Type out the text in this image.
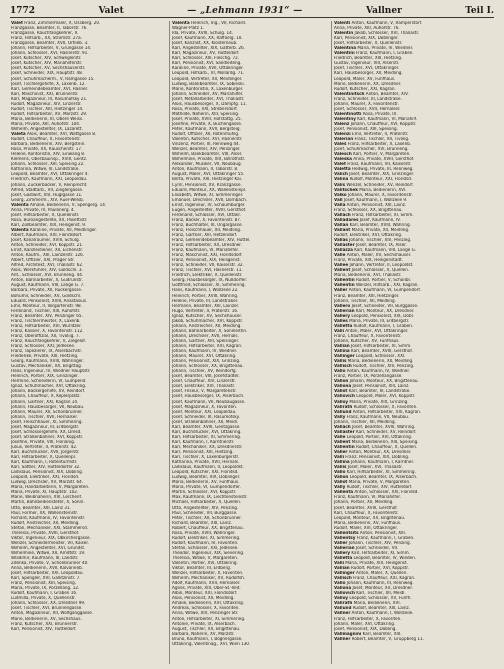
1772	Valet	— „Lehmann 1931“ —	Vallner	Teil I.

Valet Franz, Zimmermaler, X, Ossberg. 20.

Franzgasse, Beamter, II, Taborstr. 76.

Franzgasse, Rauchfangkehrer, II.

Franz, Hilfsarb., XX, Stromstr. 27a.

Franzgasse, Beamter, XVII, Ortlieb. 3.

Johann, Hilfsarbeiter, V, Grüngasse 14.

Johann, Schlosser, XVI, Hasnerstr. 91.

Josef, Kutscher, XIV, Schweglerstr.

Josef, Kutscher, XIV, Mariahilferstr.

Josef, Kutscher, XV, Sechshauserstr.

Josef, Schneider, XIX, Hauptstr. 48.

Josef, Schuhmacherm., V, Ramgasse 15.

Josef, Tischlergehilfe, X, Laxenb. 12.

Karl, Gemeindebeamter, XVI, Hasner.

Karl, Maschinist, XXI, Brünnerstr.

Karl, Magazineur, III, Rasumofsky 21.

Rudolf, Magazineur, XIV, Linzerstr.

Rudolf, Tischler, XIII, Hietzinger 14.

Rudolf, Hilfsarbeiter, XV, Märzstr. 29.

Maria, Bedienerin, III, Obere Weiss.

Maria, Private, XIII, Auhofstr. 104.

Wilhelm, Angestellter, IX, Lazarett.

Valeta Alois, Beamter, XVI, Wattgasse 8.

Rudolf, Chauffeur, X, Favoritenstr.

Barbara, Bedienerin, XIV, Bergstein.

Rosa, Private, XX, Rauscherstr. 17.

Helene, Kontoristin, XIV, Einwang 8.

Klemens, Oberbauinsp., XVIII, Gentz.

Johann, Schlosser, XIII, Speising 22.

Katharina, Witwe, III, Landstraße.

Leopold, Beamter, XVI, Ottakringer 4.

Friedrich, Kaufmann, XXI, Leopoldau.

Johann, Zuckerbäcker, V, Reinprecht.

Alfred, Stadtarb., VII, Zieglergasse.

Josef, Gastwirt, XIV, Huglgasse 11.

Georg, Zimmerm., XIV, Auer-Welsb.

Valenta Amalie, Bedienerin, V, Spengerg. 14.

Anna, Private, IV, Paulanerg. 4.

Josef, Hilfsarbeiter, X, Quellenstr.

Rosa, Büroangestellte, XX, Pasettistr.

Karl, Zollbeamter, XIX, Heiligenst. 9.

Valenta Karoline, Private, XII, Meidlinger.

Albert, Kaufmann, XXI, Floridsdorf.

Josef, Kanalräumer, XVIII, Schulg.

Anton, Schneider, XVI, Koppstr. 21.

Ernst, Kanzleidiener, XII, Eichenstr.

Anton, Kaufm., XIII, Lainzerstr. 126.

Albert, Offizier, XXI, Prager Str.

Alfred, Architekt, XVI, Thaliastr. 62.

Alois, Werkführer, XIV, Goldschl. 3.

Ant., Schlosser, XVI, Brunneng. 44.

Anton, Bahnarbeiter, X, Gudrunstr.

August, Kaufmann, VIII, Lange G. 7.

Barbara, Private, XII, Ruckergasse.

Bohumil, Schneider, XV, Goldschl.

Eduard, Pensionist, XVIII, Anastasius.

Emil, Monteur, II, Vorgartenstr. 98.

Ferdinand, Tischler, XIII, Auhofstr.

Franz, Beamter, XIV, Penzinger 65.

Franz, Tischlermeister, X, Laxenb.

Franz, Hilfsarbeiter, XVI, Wurlitzer.

Franz, Kassier, X, Favoritenstr. 112.

Franz, Oberoffizial, XII, Tivoliig. 7.

Franz, Rauchfangkehrer, V, Ziegelof.

Franz, Schlosser, XXI, Jedlesee.

Franz, Tapezierer, IX, Alserbachstr.

Friederike, Private, XIII, Hietzing.

Georg, Kaufmann, XVIII, Währinger.

Gustav, Mechaniker, XX, Brigittag.

Hans, Ingenieur, IV, Wiedner Hauptstr.

Heinrich, Portier, XIX, Grinzinger.

Hermine, Schneiderin, VI, Gumpend.

Ignaz, Schuhmacher, XVI, Ottakring.

Johann, Bäckergehilfe, XV, Reindorf.

Johann, Chauffeur, X, Keplerplatz.

Johann, Gärtner, XXI, Kagran 14.

Johann, Hausbesorger, VII, Neubau.

Johann, Maurer, XII, Schönbrunner.

Johann, Tischler, XVII, Hernalser.

Josef, Fleischhauer, XI, Simmering.

Josef, Magazineur, III, Erdbergstr.

Josef, Schlossergehilfe, XX, Dresd.

Josef, Straßenbahner, XVI, Koppstr.

Josefine, Private, VIII, Florianig.

Julius, Vertreter, II, Praterstr. 42.

Karl, Buchdrucker, XVII, Jörgerstr.

Karl, Hilfsarbeiter, X, Quellenpl.

Karl, Kaufmann, I, Rotenturmstr.

Karl, Sattler, XIV, Hütteldorfer 32.

Ladislaus, Pensionist, XIX, Döbling.

Leopold, Elektriker, XXI, Floridsd.

Ludwig, Drechsler, XV, Märzstr. 64.

Maria, Handarbeiterin, V, Margareten.

Maria, Private, XI, Hauptstr. 102.

Marie, Weißnäherin, XVI, Lerchenf.

Martin, Bahnbediensteter, X, Sonnl.

Otto, Beamter, XIII, Lainz 31.

Paul, Former, XX, Wallensteinstr.

Richard, Kaufmann, IV, Favoritenstr.

Rudolf, Anstreicher, XII, Meidling.

Stefan, Mechaniker, XXI, Stammersd.

Theresia, Private, XVIII, Gersthof.

Viktor, Ingenieur, XIX, Obkirchergasse.

Wenzel, Schneidermeister, VII, Kaiser.

Wilhelm, Angestellter, XVI, Grundst.

Wilhelmine, Witwe, XII, Arndtstr. 19.

Wladimir, Kaufmann, III, Landstr.

Zdenka, Private, V, Schönbrunner 40.

Anna, Bedienerin, XVII, Kalvarienb.

Josef, Hilfsarbeiter, XXI, Leopoldau.

Karl, Spengler, XVI, Gallitzinstr. 7.

Franz, Pensionist, XIII, Speising.

Maria, Private, IX, Porzellang. 12.

Rudolf, Kaufmann, I, Graben 16.

Ludmilla, Private, X, Quellenstr.

Johann, Schlosser, XX, Dresdner 99.

Josef, Tischler, XVI, Brunnengasse.

Anton, Magazineur, XII, Wolfganggasse.

Marie, Bedienerin, XV, Sechshaus.

Franz, Kutscher, XXI, Brünnerstr.

Karl, Pensionist, XIV, Hütteldorf.

Valenta Heinrich, Ing., VII, Richard.

Wagner-Platz 1.

Ida, Private, XVIII, Schulg. 14.

Josef, Kaufmann, XX, Raffaelg. 10.

Josef, Kanzlist, XX, Klosterneub.

Karl, Angestellter, XIX, Gatterb. 26.

Karl, Magazineur, XV, Hütteldorf.

Karl, Schlosser, XIII, Fleschg. 72.

Karl, Pensionist, XVI, Sandleiteng.

Karoline, Private, XVII, Ottakringer.

Leopold, Hilfsarb., VI, Mollardg. 71.

Leopold, Vertreter, XII, Meidlinger.

Ludwig, Bankbeamter, IX, Sobieski.

Marie, Kontoristin, X, Laxenburger.

Johann, Schneider, XV, Mariahilfer.

Josef, Metallarbeiter, XVI, Thaliastr.

Alois, Hausbesorger, X, Dampfg. 11.

Rosa, Private, XXI, Strebersdorf.

Mathilde, Näherin, XIII, Speising.

Josef, Private, XVIII, Hofstattg. 25.

Josefine, Private, X, Buchengasse.

Peter, Kaufmann, XVII, Bergsteig.

Rudolf, Offizier, XII, Rotenmühlg.

Valentin, Kutscher, XVI, Hasnerstr.

Vinzenz, Portier, III, Rennweg 44.

Wenzel, Beamter, XIV, Penzinger.

Wilhelm, Bankbeamter, VIII, Alser.

Wilhelmine, Private, XIX, Billrothstr.

Alexander, Musiker, VII, Neubaug.

Anton, Kaufmann, II, Taborstr. 8.

August, Maler, XVI, Ottakringer 55.

Berta, Private, XIII, Hietzinger Kai.

Cyrill, Pensionist, XV, Kranzgasse.

Eduard, Monteur, XX, Wallensteinpl.

Elisabeth, Witwe, XI, Simmeringer.

Emanuel, Drechsler, XVII, Dornbach.

Ernst, Ingenieur, IV, Schaumburger.

Eugen, Angestellter, XVIII, Gersthof.

Ferdinand, Schlosser, XVI, Ottakr.

Franz, Bäcker, X, Favoritenstr. 87.

Franz, Buchhalter, III, Ungargasse.

Franz, Fleischhauer, XII, Meidling.

Franz, Gärtner, XIII, Hetzendorf.

Franz, Gemeindebeamter, XIV, Hüttel.

Franz, Hilfsarbeiter, XX, Dresdner.

Franz, Kaufmann, VI, Mariahilfer.

Franz, Maschinist, XXI, Floridsdorf.

Franz, Pensionist, XIX, Heiligenst.

Franz, Schneider, VII, Kaiserstr. 32.

Franz, Tischler, XVI, Hasnerstr. 11.

Friedrich, Elektriker, X, Quellenstr.

Georg, Hausbesorger, IX, Nußdorfer.

Gottfried, Schlosser, XI, Simmering.

Hans, Kaufmann, I, Wollzeile 22.

Heinrich, Portier, XVIII, Währing.

Helene, Private, III, Landstraßer.

Hermann, Beamter, XIII, Lainzer.

Hugo, Vertreter, II, Praterstr. 16.

Ignaz, Kutscher, XV, Sechshauser.

Jakob, Schuhmacher, XVI, Koppstr.

Johann, Anstreicher, XII, Meidling.

Johann, Bahnarbeiter, X, Sonnleithn.

Johann, Drechsler, XVII, Hernals.

Johann, Gärtner, XIII, Speisinger.

Johann, Hilfsarbeiter, XXI, Kagran.

Johann, Kaufmann, IV, Wiedner.

Johann, Maurer, XVI, Ottakring.

Johann, Pensionist, XIX, Grinzing.

Johann, Schlosser, XX, Brigittenau.

Johann, Tischler, XV, Reindorfg.

Josef, Beamter, VIII, Josefstädter.

Josef, Chauffeur, XIV, Linzerstr.

Josef, Elektriker, XVI, Thaliastr.

Josef, Friseur, V, Margaretenstr.

Josef, Hausbesorger, IX, Alserbach.

Josef, Kaufmann, VII, Neubaugasse.

Josef, Magazineur, X, Favoriten.

Josef, Monteur, XXI, Leopoldau.

Josef, Schneider, III, Rasumofsky.

Josef, Straßenbahner, XII, Meidl.

Karl, Beamter, XVIII, Gentzgasse.

Karl, Buchdrucker, XVI, Ottakring.

Karl, Hilfsarbeiter, XI, Simmering.

Karl, Kaufmann, I, Kärntnerstr.

Karl, Mechaniker, XX, Dresdnerstr.

Karl, Pensionist, XIII, Hietzing.

Karl, Tischler, X, Laxenburgerstr.

Katharina, Private, XVII, Hernals.

Ladislaus, Kaufmann, II, Leopoldst.

Leopold, Kutscher, XXI, Floridsd.

Ludwig, Beamter, XIX, Döblinger.

Maria, Bedienerin, XV, Fünfhaus.

Maria, Private, VI, Gumpendorfer.

Martin, Schlosser, XVI, Koppstr.

Max, Kaufmann, IX, Liechtensteinstr.

Michael, Hilfsarbeiter, X, Quellen.

Otto, Angestellter, XIV, Penzing.

Paul, Schneider, VII, Burggasse.

Peter, Tischler, XII, Schönbrunner.

Richard, Beamter, XIII, Lainz.

Robert, Chauffeur, XX, Brigittenau.

Rosa, Private, XVIII, Währinger.

Rudolf, Elektriker, XI, Simmering.

Rudolf, Kaufmann, IV, Favoriten.

Stefan, Schlosser, XXI, Jedlesee.

Theodor, Ingenieur, XIX, Sievering.

Theresia, Witwe, V, Margareten.

Valentin, Portier, XVI, Ottakring.

Viktor, Beamter, III, Erdberg.

Wenzel, Hilfsarbeiter, X, Favoriten.

Wilhelm, Mechaniker, XV, Rudolfsh.

Adolf, Kaufmann, XVII, Hernalser.

Agnes, Private, XIII, Ober-St.-Veit.

Albin, Monteur, XXI, Floridsdorf.

Alois, Pensionist, XII, Meidling.

Amalie, Bedienerin, XVI, Ottakring.

Andreas, Schlosser, X, Favoriten.

Anna, Witwe, XIV, Penzinger Str.

Anton, Hilfsarbeiter, XI, Simmering.

Antonie, Private, IX, Alserbach.

August, Tischler, XX, Brigittenau.

Barbara, Näherin, XV, Märzstr.

Bruno, Kaufmann, I, Bognergasse.

Ottakring, Valentinag., XVI, Wien 130.

Valenti Anton, Kaufmann, V, Ramperstorf.

Anna, Private, XIII, Auhofstr. 76.

Valentin Jakob, Schlosser, XVI, Thaliastr.

Karl, Pensionist, XIX, Döblinger.

Josef, Hilfsarbeiter, X, Quellenstr.

Valentina Maria, Private, IV, Wiedner.

Valentini Franz, Kaufmann, I, Graben.

Friedrich, Beamter, XIII, Hietzing.

Gustav, Ingenieur, VIII, Alserstr.

Josef, Tischler, XVI, Ottakringer.

Karl, Hausbesorger, XII, Meidling.

Leopold, Maler, XV, Fünfhaus.

Marie, Bedienerin, XX, Dresdner.

Rudolf, Kutscher, XXI, Kagran.

Valentinitsch Anton, Beamter, XIV.

Franz, Schneider, III, Landstraße.

Johann, Maurer, X, Favoritenstr.

Josef, Schlosser, XVII, Hernalser.

Valentinotti Rosa, Private, IX.

Valentiny Karl, Kaufmann, VI, Mariahilf.

Valenz Johann, Chauffeur, XVI, Koppstr.

Josef, Pensionist, XIII, Speising.

Valenzi Emil, Vertreter, II, Praterstr.

Valerian Franz, Tischler, XII, Tivolig.

Valeš Franz, Hilfsarbeiter, X, Laxenb.

Josef, Schuhmacher, XVI, Brunneng.

Valesch Karl, Portier, V, Margareten.

Valeska Anna, Private, XVIII, Gersthof.

Valet Franz, Kaufmann, VII, Kaiserstr.

Valetta Hedwig, Private, III, Rennweg.

Valich Josef, Beamter, XIX, Grinzinger.

Valina Rudolf, Monteur, XXI, Floridsd.

Valis Wenzel, Schneider, XV, Reindorf.

Valitschek Maria, Bedienerin, XVI.

Valko Johann, Maurer, X, Favoritenstr.

Vall Josef, Kaufmann, I, Wollzeile 9.

Valla Anton, Pensionist, XIII, Lainz.

Franz, Schlosser, XX, Brigittenau.

Vallach Franz, Hilfsarbeiter, XI, Simm.

Valladares Josef, Kaufmann, IV.

Vallan Karl, Beamter, XVIII, Währing.

Vallant Maria, Private, XII, Meidling.

Rudolf, Elektriker, XVI, Ottakring.

Vallas Johann, Tischler, XIV, Penzing.

Vallaster Josef, Beamter, IX, Alser.

Vallazza Karl, Kaufmann, VIII, Lange G.

Valle Anton, Maler, XV, Sechshauser.

Franz, Private, XIX, Heiligenstadt.

Vallee Johann, Vertreter, II, Leopoldst.

Vallent Josef, Schlosser, X, Quellen.

Maria, Bedienerin, XVI, Thaliastr.

Vallentin Rudolf, Portier, V, Schönbr.

Vallentin Wenzel, Hilfsarb., XXI, Kagran.

Valler Anton, Kaufmann, VI, Gumpendorf.

Franz, Beamter, XIII, Hietzinger.

Johann, Tischler, XII, Meidling.

Vallero Josef, Schneider, VII, Burggasse.

Vallerian Karl, Monteur, XX, Dresdner.

Vallery Leopold, Pensionist, XIX, Döbl.

Valles Maria, Private, III, Erdbergstr.

Valletta Rudolf, Kaufmann, I, Graben.

Valli Anton, Maler, XVI, Ottakringer.

Franz, Chauffeur, X, Favoritenstr.

Johann, Kutscher, XV, Fünfhaus.

Vallian Josef, Hilfsarbeiter, XI, Simm.

Vallina Karl, Beamter, XVIII, Gersthof.

Vallinger Leopold, Schlosser, XXI.

Vallis Maria, Bedienerin, XII, Meidling.

Vallisch Rudolf, Tischler, XIV, Penzing.

Vallo Anton, Kaufmann, IV, Wiedner.

Franz, Portier, IX, Porzellangasse.

Vallon Johann, Monteur, XX, Brigittenau.

Vallona Josef, Pensionist, XIII, Lainz.

Vallot Karl, Beamter, III, Landstraße.

Vallovich Leopold, Maler, XVI, Koppstr.

Valloy Maria, Private, XIX, Grinzing.

Vallrath Rudolf, Schlosser, X, Favoriten.

Vallund Anton, Hilfsarbeiter, XXI, Kagran.

Vally Franz, Kaufmann, VII, Neubau.

Johann, Tischler, XII, Meidling.

Vallach Josef, Beamter, XVIII, Währing.

Vallaster Karl, Schneider, XV, Reindorf.

Valle Leopold, Portier, XVI, Ottakring.

Vallent Maria, Bedienerin, XIII, Speising.

Vallentin Rudolf, Chauffeur, X, Quellen.

Valler Anton, Monteur, XX, Dresdner.

Valli Franz, Pensionist, XIX, Döbling.

Vallina Johann, Kaufmann, I, Kärntner.

Vallis Josef, Maler, XVI, Thaliastr.

Vallo Karl, Hilfsarbeiter, XI, Simmering.

Vallon Leopold, Beamter, IX, Alserbach.

Vallot Maria, Private, V, Margareten.

Vally Rudolf, Tischler, XIV, Hütteldorf.

Vallenta Anton, Schlosser, XXI, Floridsd.

Franz, Kaufmann, VI, Mariahilfer.

Johann, Portier, XII, Meidling.

Josef, Beamter, XVIII, Gersthof.

Karl, Chauffeur, X, Favoritenstr.

Leopold, Monteur, XX, Brigittenau.

Maria, Bedienerin, XV, Fünfhaus.

Rudolf, Maler, XVI, Ottakringer.

Vallentsits Anton, Pensionist, XIII.

Vallentsy Franz, Kaufmann, I, Graben.

Valler Johann, Tischler, XIV, Penzing.

Vallerian Josef, Schneider, VII.

Vallery Karl, Hilfsarbeiter, XI, Simm.

Valletta Leopold, Beamter, IV, Wieden.

Valli Maria, Private, XIX, Heiligenst.

Vallian Rudolf, Portier, XVI, Koppstr.

Vallinger Anton, Maler, X, Quellen.

Vallisch Franz, Chauffeur, XXI, Kagran.

Vallo Johann, Kaufmann, III, Rennweg.

Vallona Josef, Monteur, XX, Dresdner.

Vallovich Karl, Tischler, XII, Meidl.

Valloy Leopold, Schlosser, XV, Fünfh.

Vallrath Maria, Bedienerin, XVI.

Vallund Rudolf, Beamter, XIII, Lainz.

Vallner Anton, Kaufmann, I, Wollzeile.

Franz, Hilfsarbeiter, X, Favoriten.

Johann, Maler, XVI, Ottakring.

Josef, Pensionist, XIX, Döbling.

Vallmagnini Karl, Beamter, XIII.

Vallner Robert, Beamter, V, Gruppberg 11.
